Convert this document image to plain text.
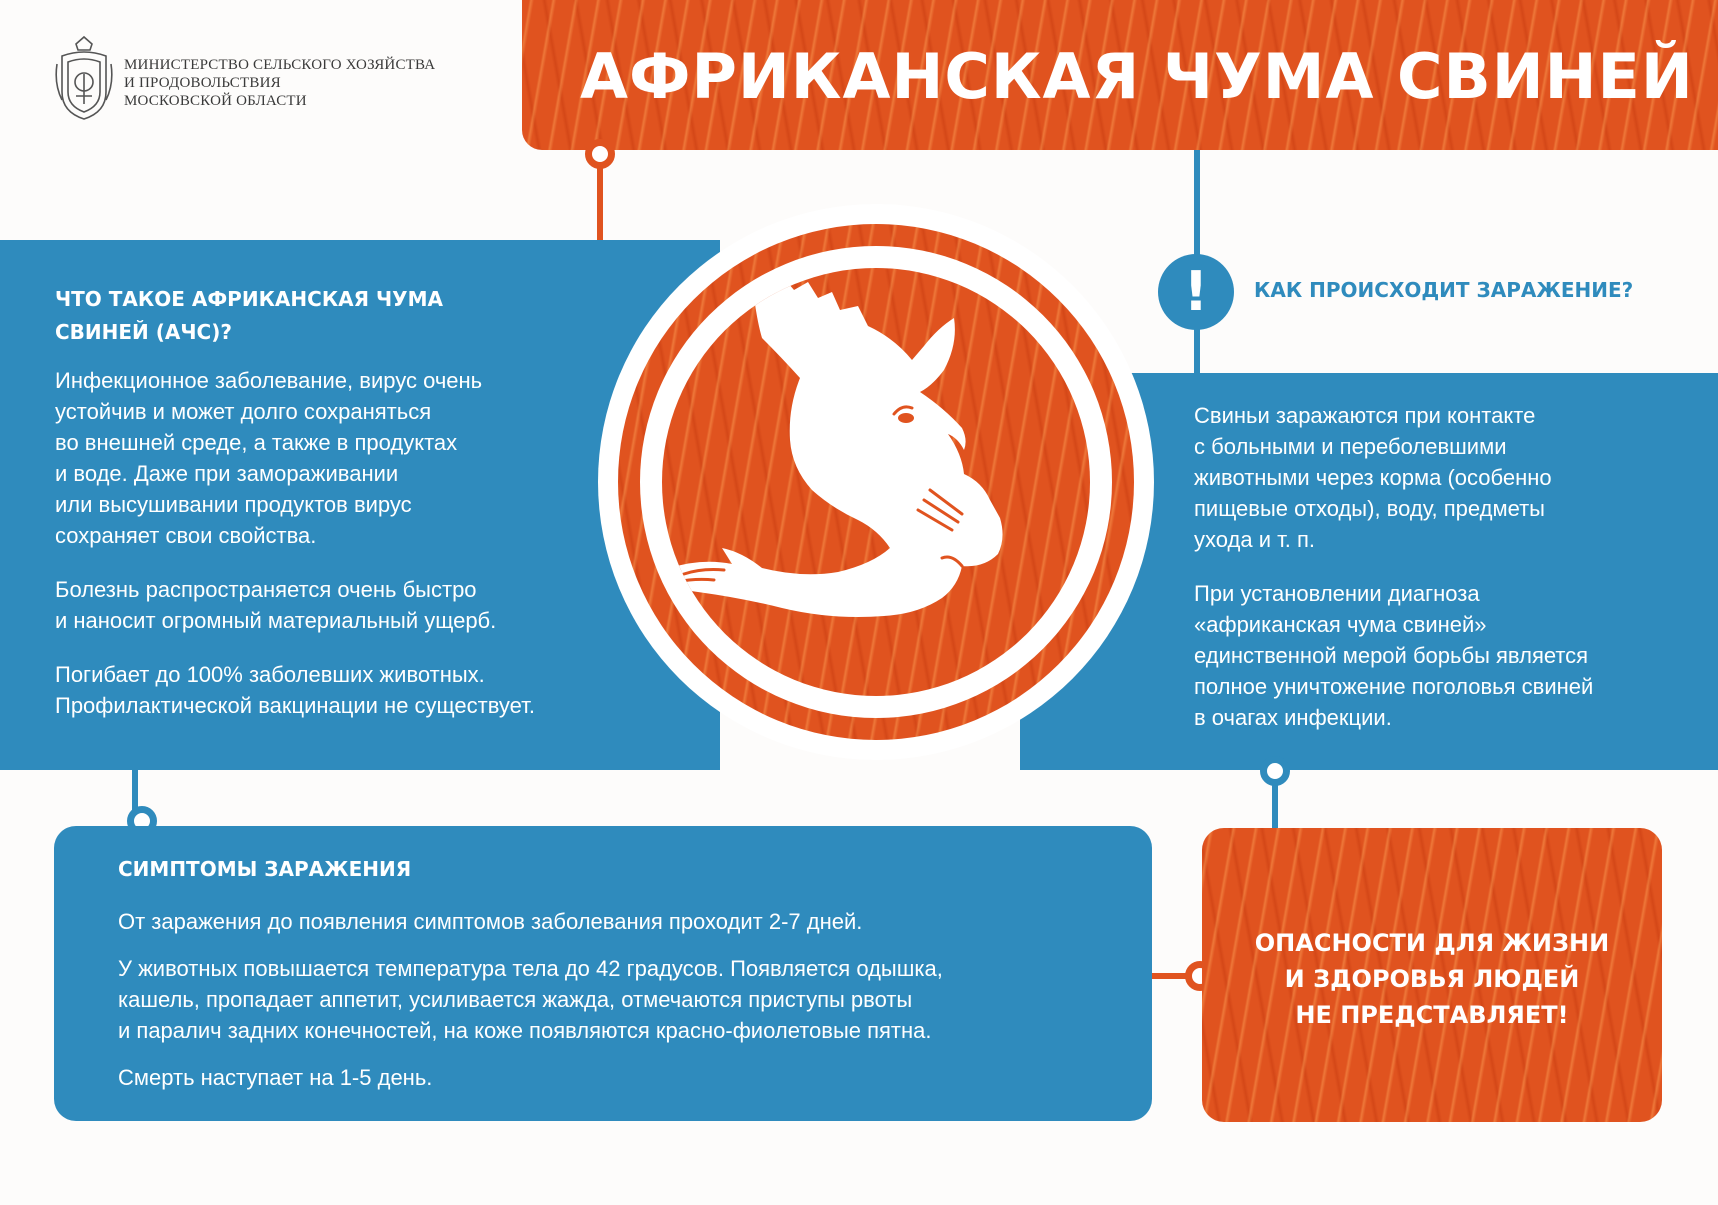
МИНИСТЕРСТВО СЕЛЬСКОГО ХОЗЯЙСТВА
И ПРОДОВОЛЬСТВИЯ
МОСКОВСКОЙ ОБЛАСТИ	АФРИКАНСКАЯ ЧУМА СВИНЕЙ
ЧТО ТАКОЕ АФРИКАНСКАЯ ЧУМА
СВИНЕЙ (АЧС)?

Инфекционное заболевание, вирус очень
устойчив и может долго сохраняться
во внешней среде, а также в продуктах
и воде. Даже при замораживании
или высушивании продуктов вирус
сохраняет свои свойства.

Болезнь распространяется очень быстро
и наносит огромный материальный ущерб.

Погибает до 100% заболевших животных.
Профилактической вакцинации не существует.

!	КАК ПРОИСХОДИТ ЗАРАЖЕНИЕ?

Свиньи заражаются при контакте
с больными и переболевшими
животными через корма (особенно
пищевые отходы), воду, предметы
ухода и т. п.

При установлении диагноза
«африканская чума свиней»
единственной мерой борьбы является
полное уничтожение поголовья свиней
в очагах инфекции.

СИМПТОМЫ ЗАРАЖЕНИЯ

От заражения до появления симптомов заболевания проходит 2-7 дней.

У животных повышается температура тела до 42 градусов. Появляется одышка,
кашель, пропадает аппетит, усиливается жажда, отмечаются приступы рвоты
и паралич задних конечностей, на коже появляются красно-фиолетовые пятна.

Смерть наступает на 1-5 день.

ОПАСНОСТИ ДЛЯ ЖИЗНИ
И ЗДОРОВЬЯ ЛЮДЕЙ
НЕ ПРЕДСТАВЛЯЕТ!
